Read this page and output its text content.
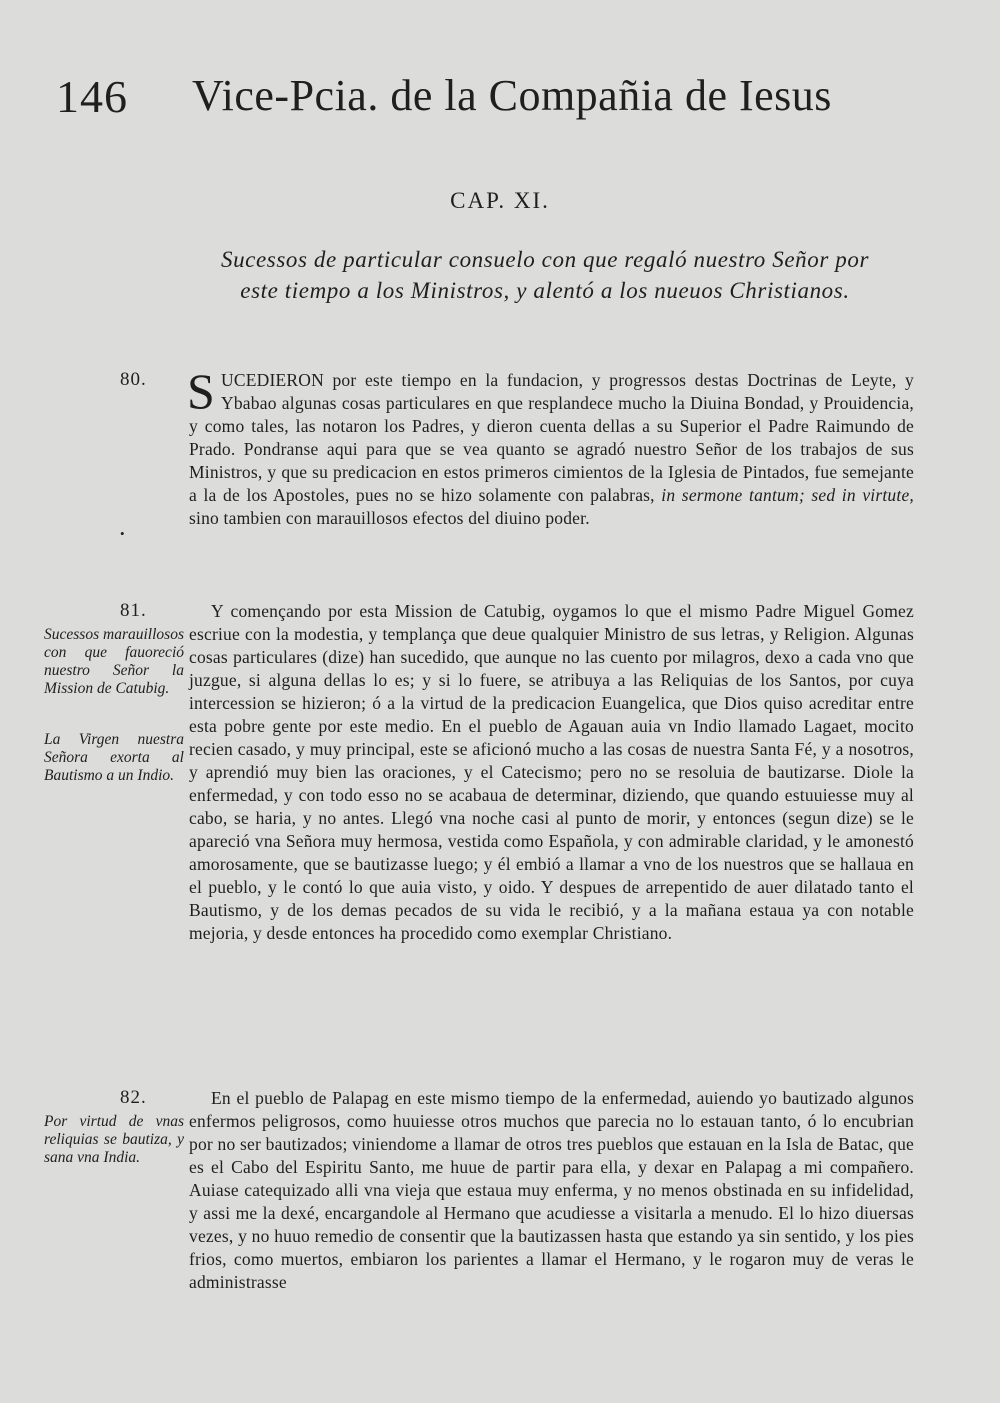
146 Vice-Pcia. de la Compañia de Iesus
CAP. XI.
Sucessos de particular consuelo con que regaló nuestro Señor por
este tiempo a los Ministros, y alentó a los nueuos Christianos.
80.
•
SUCEDIERON por este tiempo en la fundacion, y progressos destas Doctrinas de Leyte, y Ybabao algunas cosas particulares en que resplandece mucho la Diuina Bondad, y Prouidencia, y como tales, las notaron los Padres, y dieron cuenta dellas a su Superior el Padre Raimundo de Prado. Pondranse aqui para que se vea quanto se agradó nuestro Señor de los trabajos de sus Ministros, y que su predicacion en estos primeros cimientos de la Iglesia de Pintados, fue semejante a la de los Apostoles, pues no se hizo solamente con palabras, in sermone tantum; sed in virtute, sino tambien con marauillosos efectos del diuino poder.
81.
Sucessos marauillosos con que fauoreció nuestro Señor la Mission de Catubig.
La Virgen nuestra Señora exorta al Bautismo a un Indio.
Y començando por esta Mission de Catubig, oygamos lo que el mismo Padre Miguel Gomez escriue con la modestia, y templança que deue qualquier Ministro de sus letras, y Religion. Algunas cosas particulares (dize) han sucedido, que aunque no las cuento por milagros, dexo a cada vno que juzgue, si alguna dellas lo es; y si lo fuere, se atribuya a las Reliquias de los Santos, por cuya intercession se hizieron; ó a la virtud de la predicacion Euangelica, que Dios quiso acreditar entre esta pobre gente por este medio. En el pueblo de Agauan auia vn Indio llamado Lagaet, mocito recien casado, y muy principal, este se aficionó mucho a las cosas de nuestra Santa Fé, y a nosotros, y aprendió muy bien las oraciones, y el Catecismo; pero no se resoluia de bautizarse. Diole la enfermedad, y con todo esso no se acabaua de determinar, diziendo, que quando estuuiesse muy al cabo, se haria, y no antes. Llegó vna noche casi al punto de morir, y entonces (segun dize) se le apareció vna Señora muy hermosa, vestida como Española, y con admirable claridad, y le amonestó amorosamente, que se bautizasse luego; y él embió a llamar a vno de los nuestros que se hallaua en el pueblo, y le contó lo que auia visto, y oido. Y despues de arrepentido de auer dilatado tanto el Bautismo, y de los demas pecados de su vida le recibió, y a la mañana estaua ya con notable mejoria, y desde entonces ha procedido como exemplar Christiano.
82.
Por virtud de vnas reliquias se bautiza, y sana vna India.
En el pueblo de Palapag en este mismo tiempo de la enfermedad, auiendo yo bautizado algunos enfermos peligrosos, como huuiesse otros muchos que parecia no lo estauan tanto, ó lo encubrian por no ser bautizados; viniendome a llamar de otros tres pueblos que estauan en la Isla de Batac, que es el Cabo del Espiritu Santo, me huue de partir para ella, y dexar en Palapag a mi compañero. Auiase catequizado alli vna vieja que estaua muy enferma, y no menos obstinada en su infidelidad, y assi me la dexé, encargandole al Hermano que acudiesse a visitarla a menudo. El lo hizo diuersas vezes, y no huuo remedio de consentir que la bautizassen hasta que estando ya sin sentido, y los pies frios, como muertos, embiaron los parientes a llamar el Hermano, y le rogaron muy de veras le administrasse
